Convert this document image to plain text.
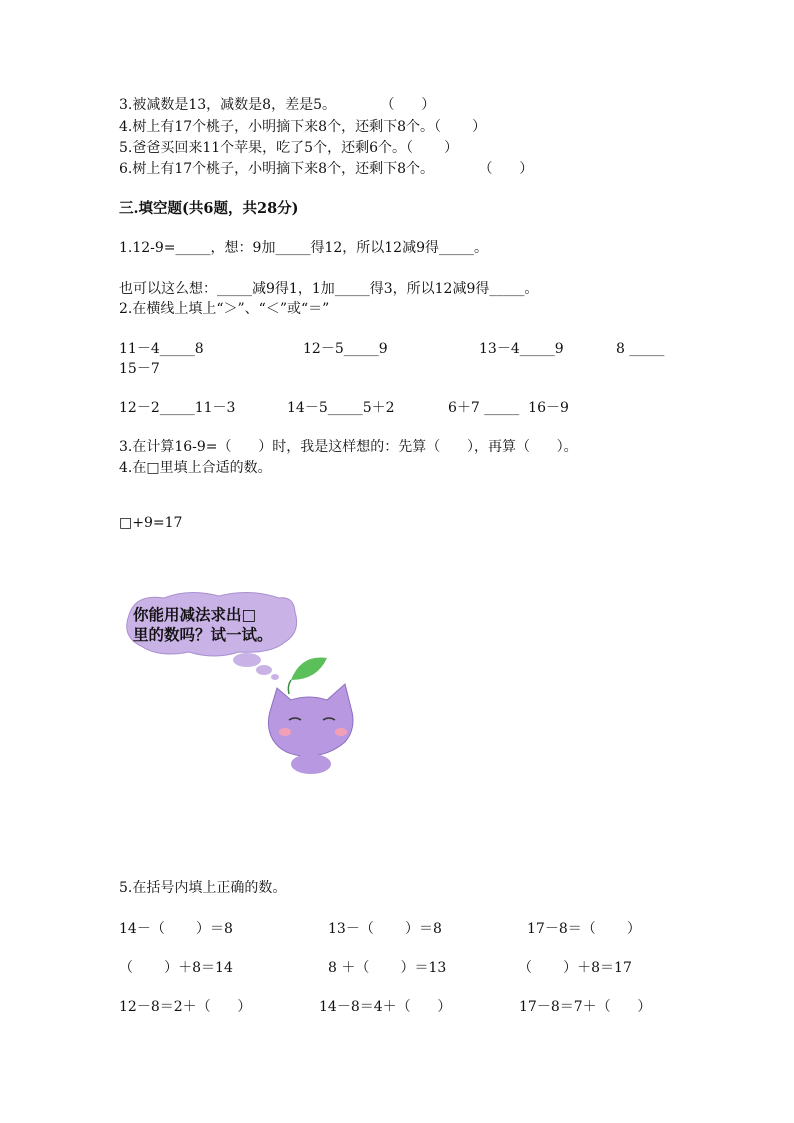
3.被减数是13，减数是8，差是5。          （      ）
4.树上有17个桃子，小明摘下来8个，还剩下8个。（       ）
5.爸爸买回来11个苹果，吃了5个，还剩6个。（       ）
6.树上有17个桃子，小明摘下来8个，还剩下8个。          （      ）
三.填空题(共6题，共28分)
1.12-9=_____，想：9加_____得12，所以12减9得_____。
也可以这么想：_____减9得1，1加_____得3，所以12减9得_____。
2.在横线上填上“＞”、“＜”或“＝”
11－4_____8	12－5_____9	13－4_____9	8 _____
15－7
12－2_____11－3	14－5_____5＋2	6＋7 _____  16－9
3.在计算16-9=（      ）时，我是这样想的：先算（      ），再算（      ）。
4.在□里填上合适的数。
□+9=17
你能用减法求出□
里的数吗？试一试。
5.在括号内填上正确的数。
14－（       ）＝8	13－（       ）＝8	17－8＝（       ）
（       ）＋8＝14	8 ＋（       ）＝13	（       ）＋8＝17
12－8＝2＋（      ）	14－8＝4＋（      ）	17－8＝7＋（      ）
